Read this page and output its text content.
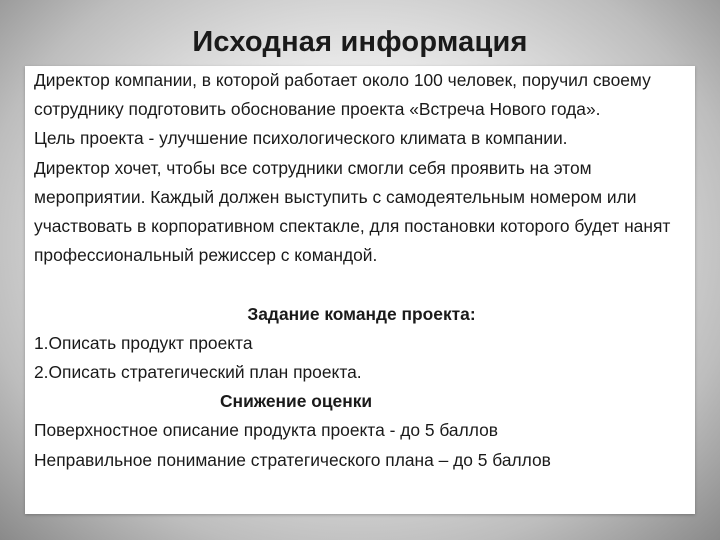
Исходная информация

Директор компании, в которой работает около 100 человек, поручил своему сотруднику подготовить обоснование проекта «Встреча Нового года».

Цель проекта - улучшение психологического климата в компании.

Директор хочет, чтобы все сотрудники смогли себя проявить на этом мероприятии. Каждый должен выступить с самодеятельным номером или участвовать в корпоративном спектакле, для постановки которого будет нанят профессиональный режиссер с командой.

Задание команде проекта:

1.Описать продукт проекта

2.Описать стратегический план проекта.

Снижение оценки

Поверхностное описание продукта проекта - до 5 баллов

Неправильное понимание стратегического плана – до 5 баллов
